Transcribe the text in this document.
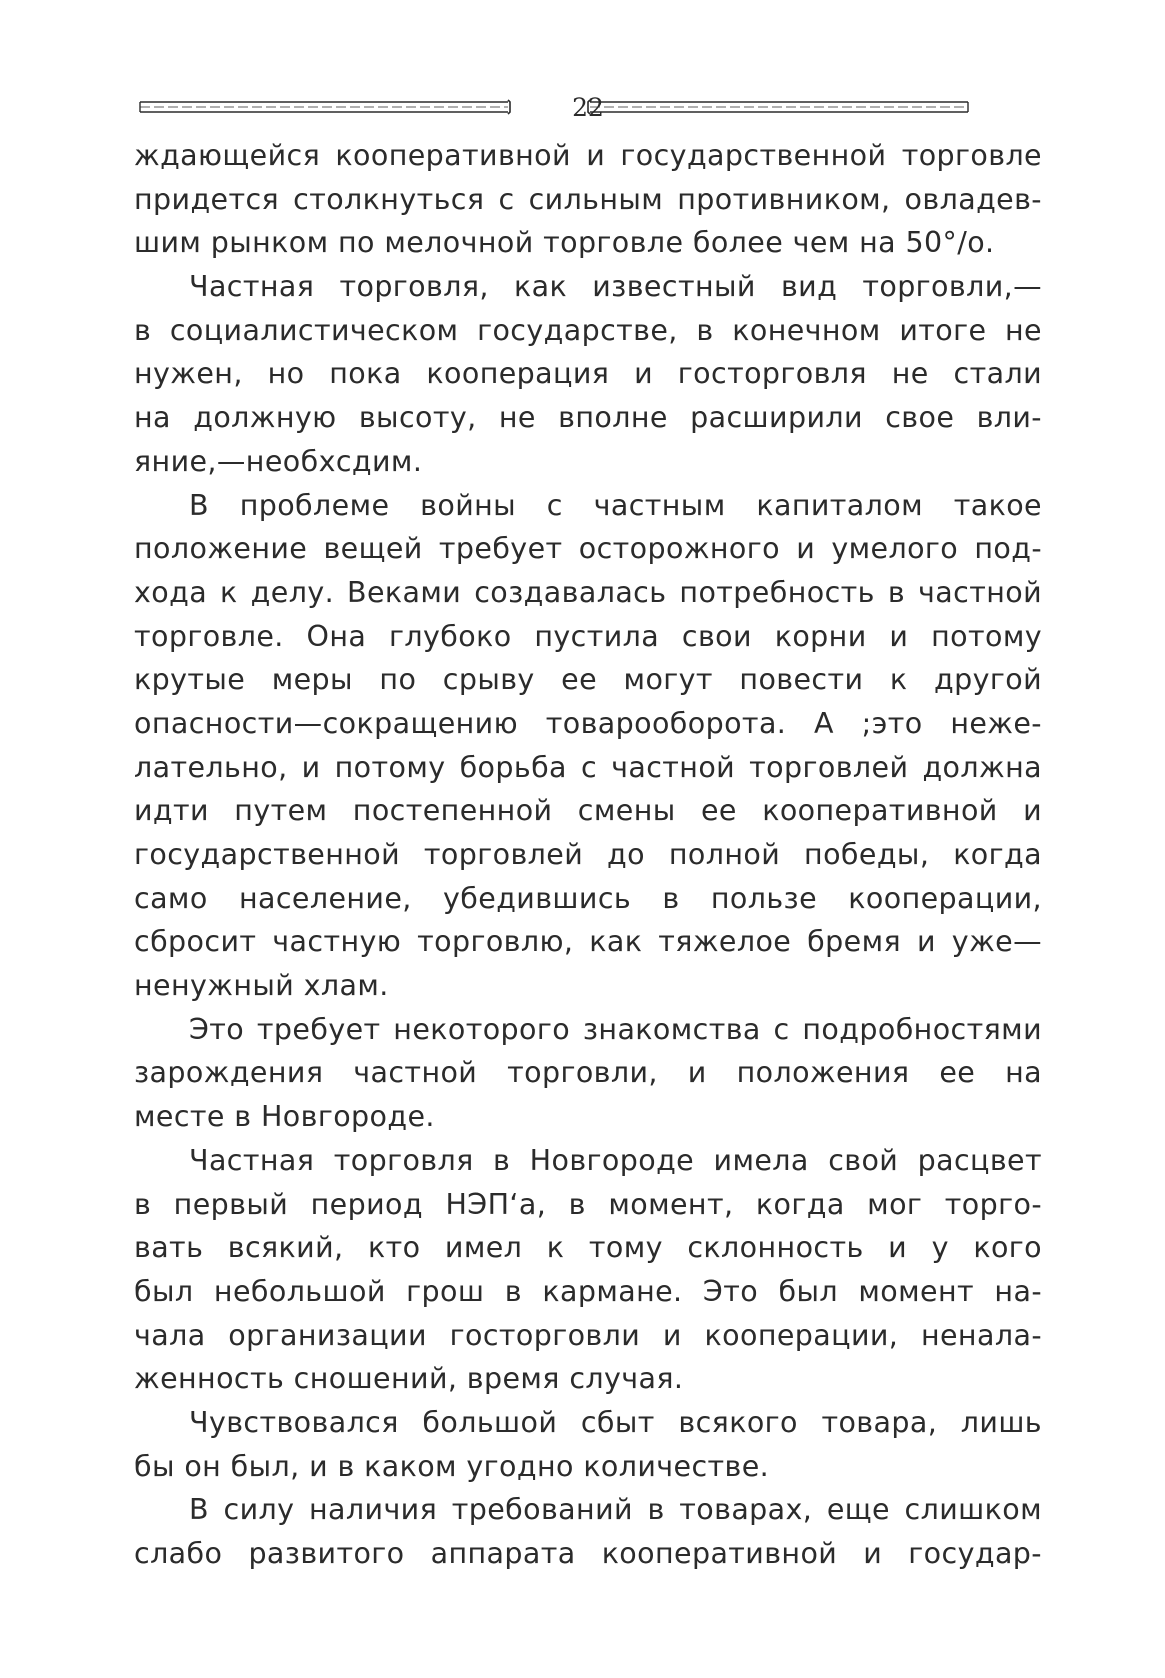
22
ждающейся кооперативной и государственной торговле
придется столкнуться с сильным противником, овладев-
шим рынком по мелочной торговле более чем на 50°/о.
Частная торговля, как известный вид торговли,—
в социалистическом государстве, в конечном итоге не
нужен, но пока кооперация и госторговля не стали
на должную высоту, не вполне расширили свое вли-
яние,—необхсдим.
В проблеме войны с частным капиталом такое
положение вещей требует осторожного и умелого под-
хода к делу. Веками создавалась потребность в частной
торговле. Она глубоко пустила свои корни и потому
крутые меры по срыву ее могут повести к другой
опасности—сокращению товарооборота. А ;это неже-
лательно, и потому борьба с частной торговлей должна
идти путем постепенной смены ее кооперативной и
государственной торговлей до полной победы, когда
само население, убедившись в пользе кооперации,
сбросит частную торговлю, как тяжелое бремя и уже—
ненужный хлам.
Это требует некоторого знакомства с подробностями
зарождения частной торговли, и положения ее на
месте в Новгороде.
Частная торговля в Новгороде имела свой расцвет
в первый период НЭП‘а, в момент, когда мог торго-
вать всякий, кто имел к тому склонность и у кого
был небольшой грош в кармане. Это был момент на-
чала организации госторговли и кооперации, ненала-
женность сношений, время случая.
Чувствовался большой сбыт всякого товара, лишь
бы он был, и в каком угодно количестве.
В силу наличия требований в товарах, еще слишком
слабо развитого аппарата кооперативной и государ-
